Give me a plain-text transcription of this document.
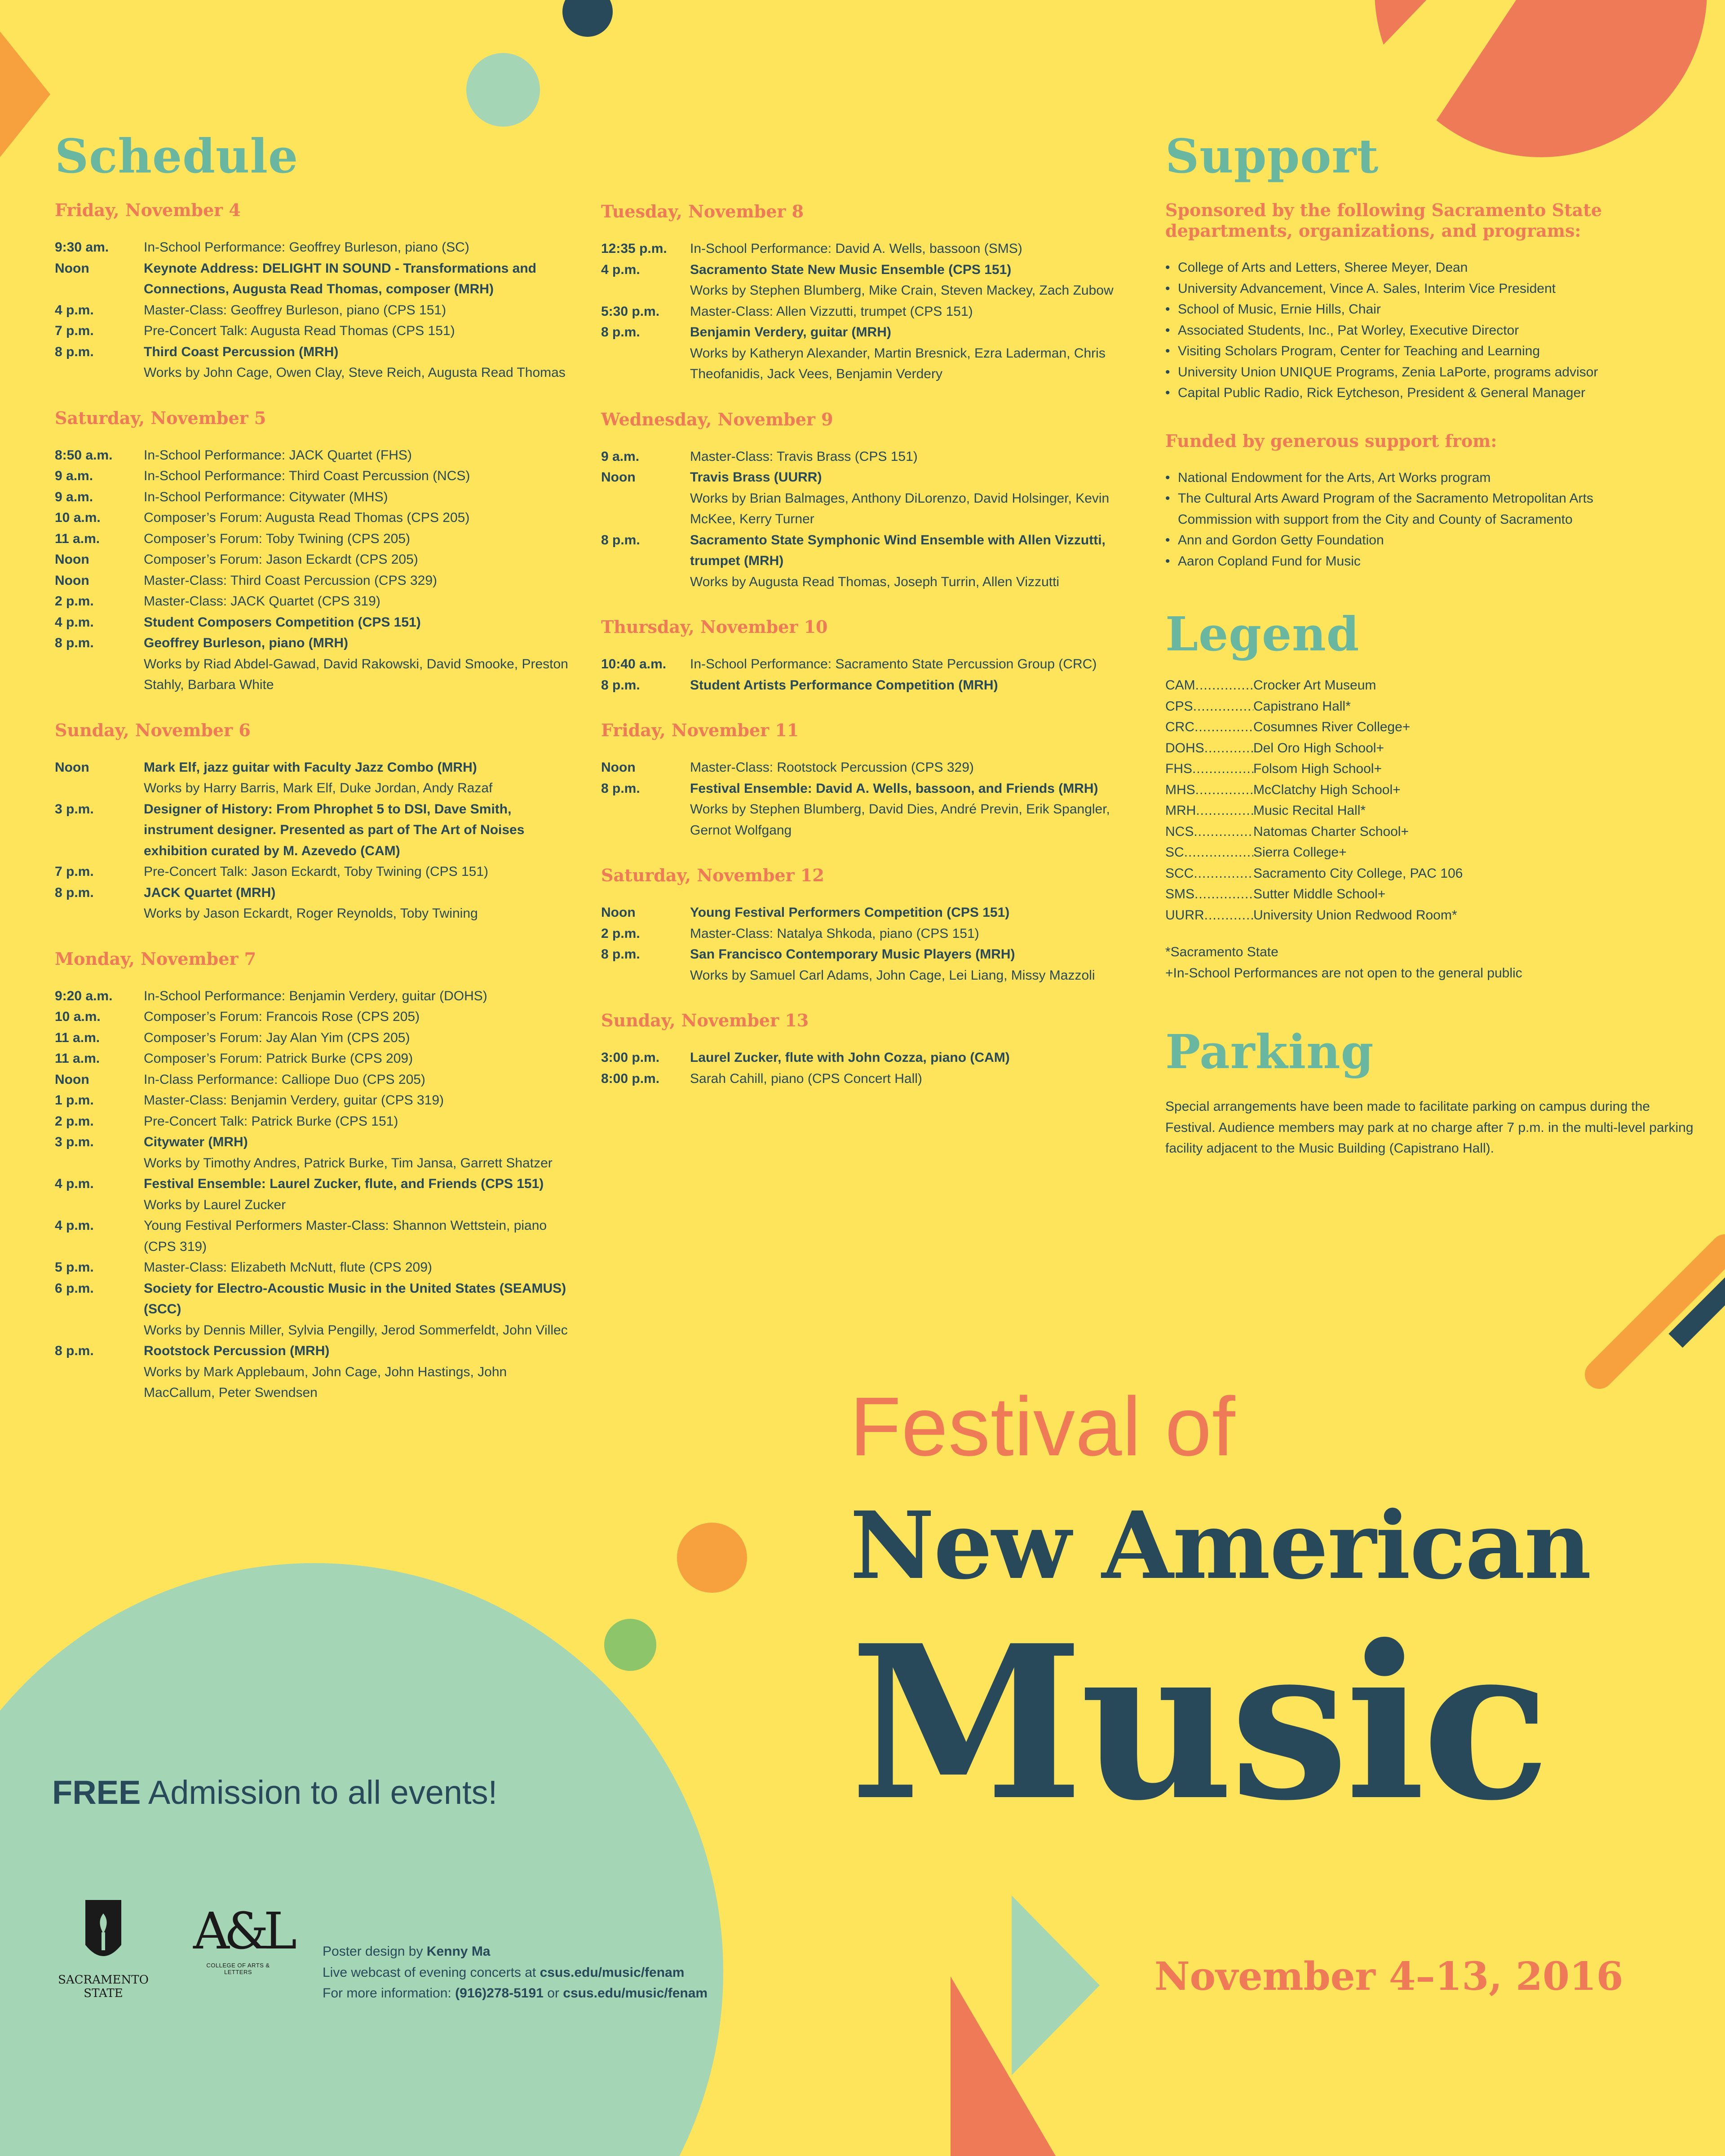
Schedule
Friday, November 4
9:30 am.	In-School Performance: Geoffrey Burleson, piano (SC)
Noon	Keynote Address: DELIGHT IN SOUND - Transformations and Connections, Augusta Read Thomas, composer (MRH)
4 p.m.	Master-Class: Geoffrey Burleson, piano (CPS 151)
7 p.m.	Pre-Concert Talk: Augusta Read Thomas (CPS 151)
8 p.m.	Third Coast Percussion (MRH)
Works by John Cage, Owen Clay, Steve Reich, Augusta Read Thomas
Saturday, November 5
8:50 a.m.	In-School Performance: JACK Quartet (FHS)
9 a.m.	In-School Performance: Third Coast Percussion (NCS)
9 a.m.	In-School Performance: Citywater (MHS)
10 a.m.	Composer’s Forum: Augusta Read Thomas (CPS 205)
11 a.m.	Composer’s Forum: Toby Twining (CPS 205)
Noon	Composer’s Forum: Jason Eckardt (CPS 205)
Noon	Master-Class: Third Coast Percussion (CPS 329)
2 p.m.	Master-Class: JACK Quartet (CPS 319)
4 p.m.	Student Composers Competition (CPS 151)
8 p.m.	Geoffrey Burleson, piano (MRH)
Works by Riad Abdel-Gawad, David Rakowski, David Smooke, Preston Stahly, Barbara White
Sunday, November 6
Noon	Mark Elf, jazz guitar with Faculty Jazz Combo (MRH)
Works by Harry Barris, Mark Elf, Duke Jordan, Andy Razaf
3 p.m.	Designer of History: From Phrophet 5 to DSI, Dave Smith, instrument designer. Presented as part of The Art of Noises exhibition curated by M. Azevedo (CAM)
7 p.m.	Pre-Concert Talk: Jason Eckardt, Toby Twining (CPS 151)
8 p.m.	JACK Quartet (MRH)
Works by Jason Eckardt, Roger Reynolds, Toby Twining
Monday, November 7
9:20 a.m.	In-School Performance: Benjamin Verdery, guitar (DOHS)
10 a.m.	Composer’s Forum: Francois Rose (CPS 205)
11 a.m.	Composer’s Forum: Jay Alan Yim (CPS 205)
11 a.m.	Composer’s Forum: Patrick Burke (CPS 209)
Noon	In-Class Performance: Calliope Duo (CPS 205)
1 p.m.	Master-Class: Benjamin Verdery, guitar (CPS 319)
2 p.m.	Pre-Concert Talk: Patrick Burke (CPS 151)
3 p.m.	Citywater (MRH)
Works by Timothy Andres, Patrick Burke, Tim Jansa, Garrett Shatzer
4 p.m.	Festival Ensemble: Laurel Zucker, flute, and Friends (CPS 151)
Works by Laurel Zucker
4 p.m.	Young Festival Performers Master-Class: Shannon Wettstein, piano (CPS 319)
5 p.m.	Master-Class: Elizabeth McNutt, flute (CPS 209)
6 p.m.	Society for Electro-Acoustic Music in the United States (SEAMUS) (SCC)
Works by Dennis Miller, Sylvia Pengilly, Jerod Sommerfeldt, John Villec
8 p.m.	Rootstock Percussion (MRH)
Works by Mark Applebaum, John Cage, John Hastings, John MacCallum, Peter Swendsen
Tuesday, November 8
12:35 p.m.	In-School Performance: David A. Wells, bassoon (SMS)
4 p.m.	Sacramento State New Music Ensemble (CPS 151)
Works by Stephen Blumberg, Mike Crain, Steven Mackey, Zach Zubow
5:30 p.m.	Master-Class: Allen Vizzutti, trumpet (CPS 151)
8 p.m.	Benjamin Verdery, guitar (MRH)
Works by Katheryn Alexander, Martin Bresnick, Ezra Laderman, Chris Theofanidis, Jack Vees, Benjamin Verdery
Wednesday, November 9
9 a.m.	Master-Class: Travis Brass (CPS 151)
Noon	Travis Brass (UURR)
Works by Brian Balmages, Anthony DiLorenzo, David Holsinger, Kevin McKee, Kerry Turner
8 p.m.	Sacramento State Symphonic Wind Ensemble with Allen Vizzutti, trumpet (MRH)
Works by Augusta Read Thomas, Joseph Turrin, Allen Vizzutti
Thursday, November 10
10:40 a.m.	In-School Performance: Sacramento State Percussion Group (CRC)
8 p.m.	Student Artists Performance Competition (MRH)
Friday, November 11
Noon	Master-Class: Rootstock Percussion (CPS 329)
8 p.m.	Festival Ensemble: David A. Wells, bassoon, and Friends (MRH)
Works by Stephen Blumberg, David Dies, André Previn, Erik Spangler, Gernot Wolfgang
Saturday, November 12
Noon	Young Festival Performers Competition (CPS 151)
2 p.m.	Master-Class: Natalya Shkoda, piano (CPS 151)
8 p.m.	San Francisco Contemporary Music Players (MRH)
Works by Samuel Carl Adams, John Cage, Lei Liang, Missy Mazzoli
Sunday, November 13
3:00 p.m.	Laurel Zucker, flute with John Cozza, piano (CAM)
8:00 p.m.	Sarah Cahill, piano (CPS Concert Hall)
Support

Sponsored by the following Sacramento State departments, organizations, and programs:

• College of Arts and Letters, Sheree Meyer, Dean
• University Advancement, Vince A. Sales, Interim Vice President
• School of Music, Ernie Hills, Chair
• Associated Students, Inc., Pat Worley, Executive Director
• Visiting Scholars Program, Center for Teaching and Learning
• University Union UNIQUE Programs, Zenia LaPorte, programs advisor
• Capital Public Radio, Rick Eytcheson, President & General Manager

Funded by generous support from:

• National Endowment for the Arts, Art Works program
• The Cultural Arts Award Program of the Sacramento Metropolitan Arts Commission with support from the City and County of Sacramento
• Ann and Gordon Getty Foundation
• Aaron Copland Fund for Music
Legend
CAM .....	Crocker Art Museum
CPS .....	Capistrano Hall*
CRC .....	Cosumnes River College+
DOHS .....	Del Oro High School+
FHS .....	Folsom High School+
MHS .....	McClatchy High School+
MRH .....	Music Recital Hall*
NCS .....	Natomas Charter School+
SC .....	Sierra College+
SCC .....	Sacramento City College, PAC 106
SMS .....	Sutter Middle School+
UURR .....	University Union Redwood Room*
*Sacramento State
+In-School Performances are not open to the general public
Parking
Special arrangements have been made to facilitate parking on campus during the Festival. Audience members may park at no charge after 7 p.m. in the multi-level parking facility adjacent to the Music Building (Capistrano Hall).
Festival of
New American
Music
November 4–13, 2016
FREE Admission to all events!
SACRAMENTO
STATE
A&L
COLLEGE OF ARTS & LETTERS
Poster design by Kenny Ma
Live webcast of evening concerts at csus.edu/music/fenam
For more information: (916)278-5191 or csus.edu/music/fenam
